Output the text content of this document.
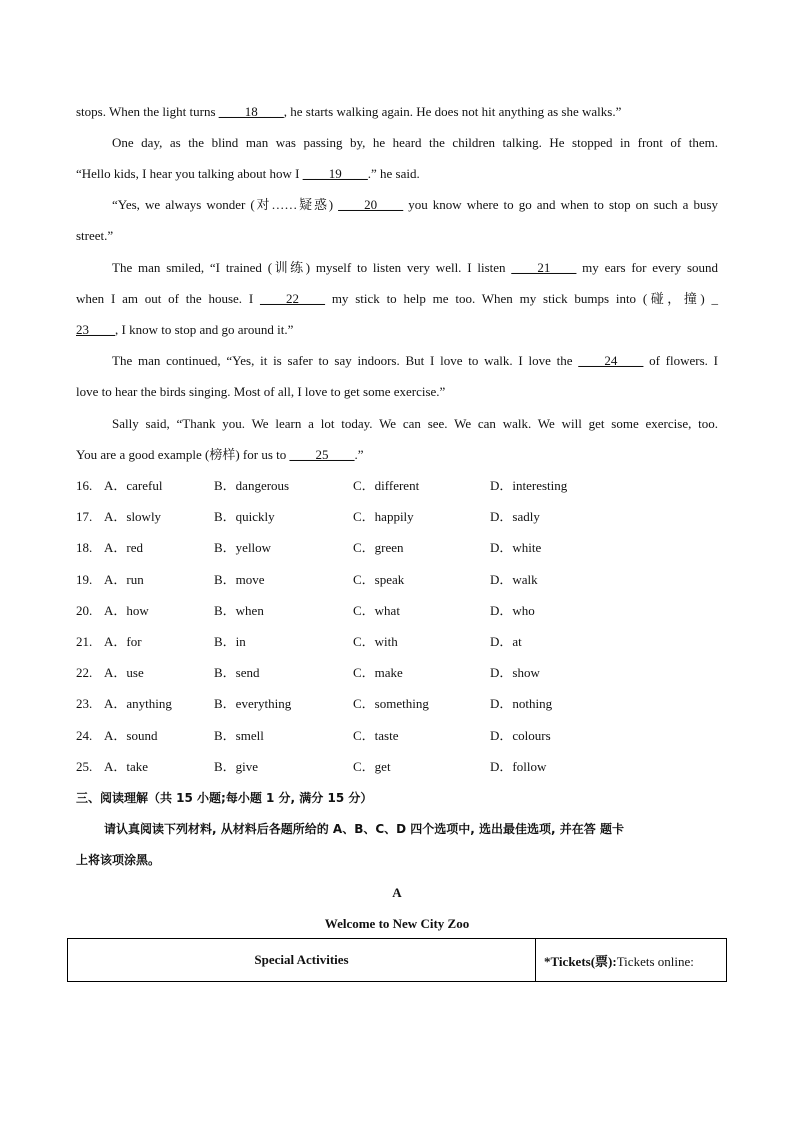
stops. When the light turns ____18____, he starts walking again. He does not hit anything as she walks.”
One day, as the blind man was passing by, he heard the children talking. He stopped in front of them.
“Hello kids, I hear you talking about how I ____19____.” he said.
“Yes, we always wonder (对……疑惑) ____20____ you know where to go and when to stop on such a busy
street.”
The man smiled, “I trained (训练) myself to listen very well. I listen ____21____ my ears for every sound
when I am out of the house. I ____22____ my stick to help me too. When my stick bumps into (碰，撞) _
23____, I know to stop and go around it.”
The man continued, “Yes, it is safer to say indoors. But I love to walk. I love the ____24____ of flowers. I
love to hear the birds singing. Most of all, I love to get some exercise.”
Sally said, “Thank you. We learn a lot today. We can see. We can walk. We will get some exercise, too.
You are a good example (榜样) for us to ____25____.”
16. A．careful	B．dangerous	C．different	D．interesting
17. A．slowly	B．quickly	C．happily	D．sadly
18. A．red	B．yellow	C．green	D．white
19. A．run	B．move	C．speak	D．walk
20. A．how	B．when	C．what	D．who
21. A．for	B．in	C．with	D．at
22. A．use	B．send	C．make	D．show
23. A．anything	B．everything	C．something	D．nothing
24. A．sound	B．smell	C．taste	D．colours
25. A．take	B．give	C．get	D．follow
三、阅读理解（共 15 小题;每小题 1 分, 满分 15 分）
请认真阅读下列材料, 从材料后各题所给的 A、B、C、D 四个选项中, 选出最佳选项, 并在答 题卡
上将该项涂黑。
A
Welcome to New City Zoo
Special Activities	*Tickets(票):Tickets online:
